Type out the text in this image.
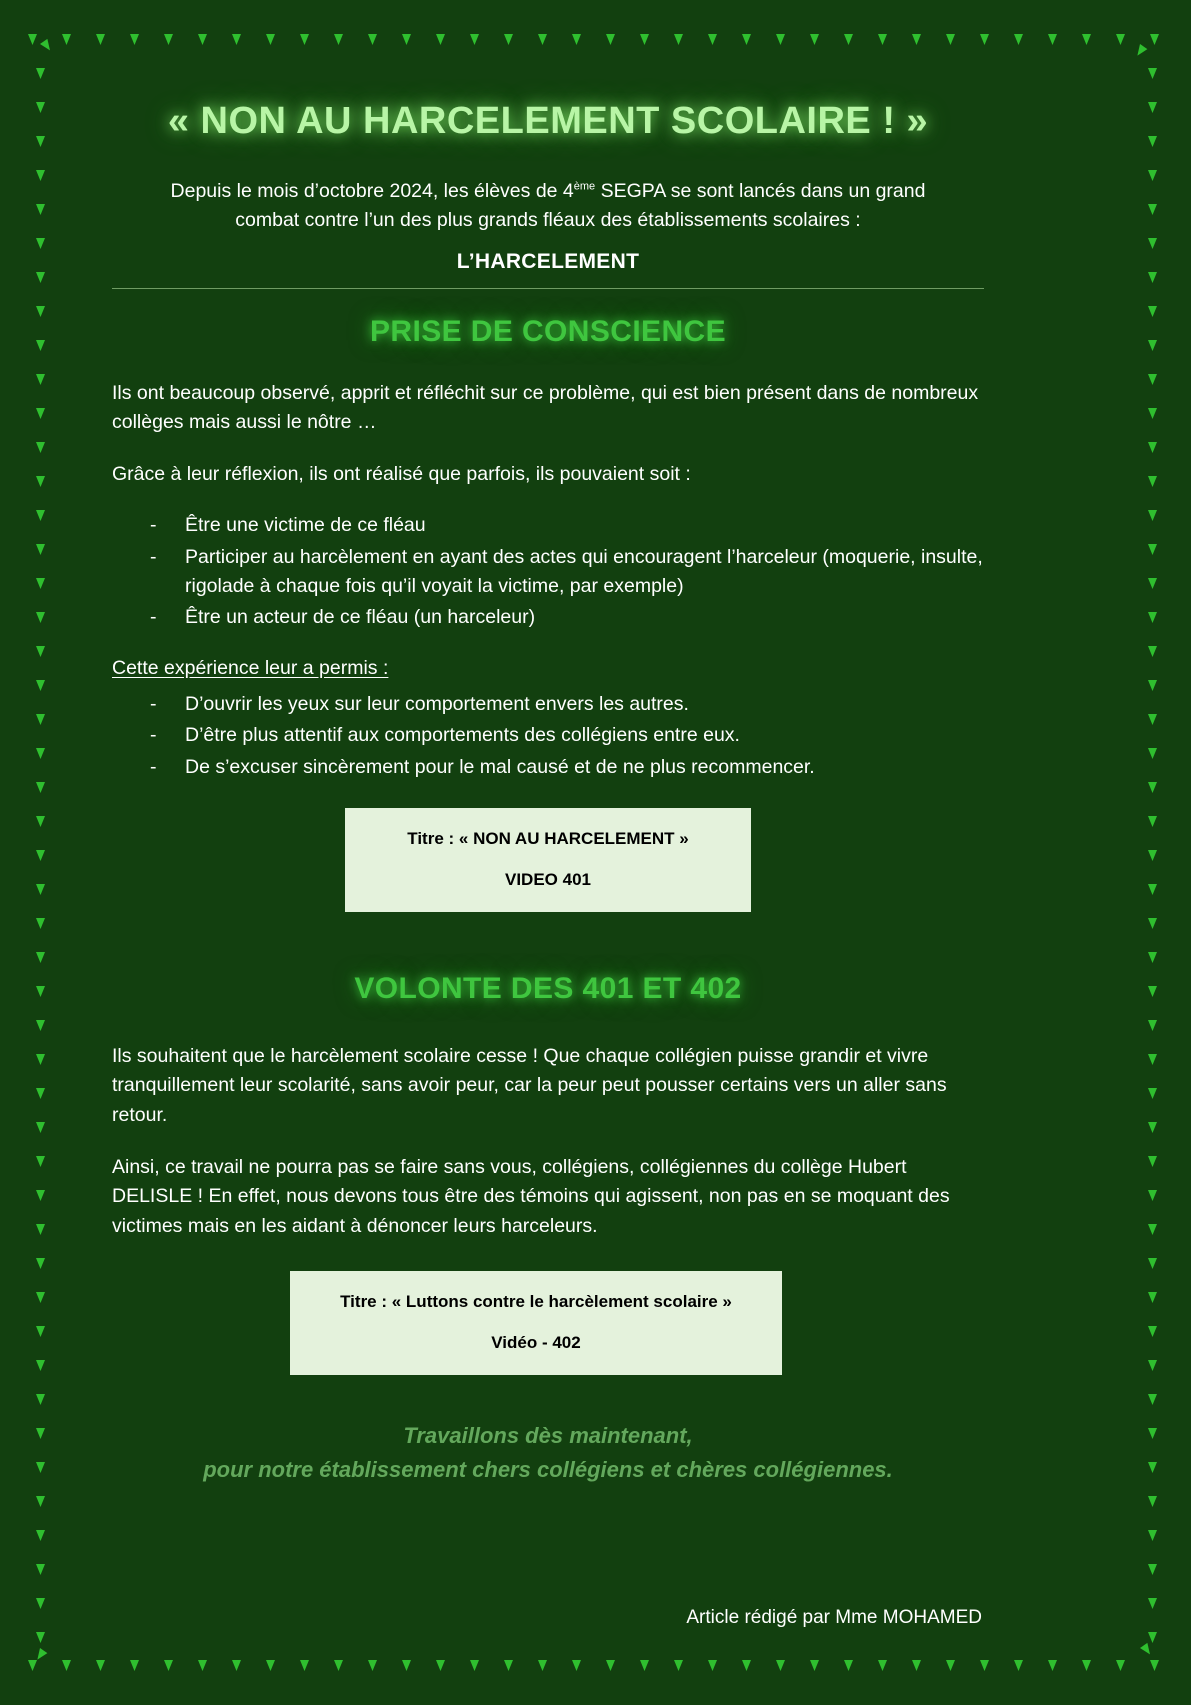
« NON AU HARCELEMENT SCOLAIRE ! »

Depuis le mois d’octobre 2024, les élèves de 4ème SEGPA se sont lancés dans un grand
combat contre l’un des plus grands fléaux des établissements scolaires :

L’HARCELEMENT
PRISE DE CONSCIENCE

Ils ont beaucoup observé, apprit et réfléchit sur ce problème, qui est bien présent dans de nombreux collèges mais aussi le nôtre …

Grâce à leur réflexion, ils ont réalisé que parfois, ils pouvaient soit :

- Être une victime de ce fléau
- Participer au harcèlement en ayant des actes qui encouragent l’harceleur (moquerie, insulte, rigolade à chaque fois qu’il voyait la victime, par exemple)
- Être un acteur de ce fléau (un harceleur)

Cette expérience leur a permis :

- D’ouvrir les yeux sur leur comportement envers les autres.
- D’être plus attentif aux comportements des collégiens entre eux.
- De s’excuser sincèrement pour le mal causé et de ne plus recommencer.
Titre : « NON AU HARCELEMENT »
VIDEO 401
VOLONTE DES 401 ET 402

Ils souhaitent que le harcèlement scolaire cesse ! Que chaque collégien puisse grandir et vivre tranquillement leur scolarité, sans avoir peur, car la peur peut pousser certains vers un aller sans retour.

Ainsi, ce travail ne pourra pas se faire sans vous, collégiens, collégiennes du collège Hubert DELISLE ! En effet, nous devons tous être des témoins qui agissent, non pas en se moquant des victimes mais en les aidant à dénoncer leurs harceleurs.

Titre : « Luttons contre le harcèlement scolaire »
Vidéo - 402
Travaillons dès maintenant,
pour notre établissement chers collégiens et chères collégiennes.
Article rédigé par Mme MOHAMED
